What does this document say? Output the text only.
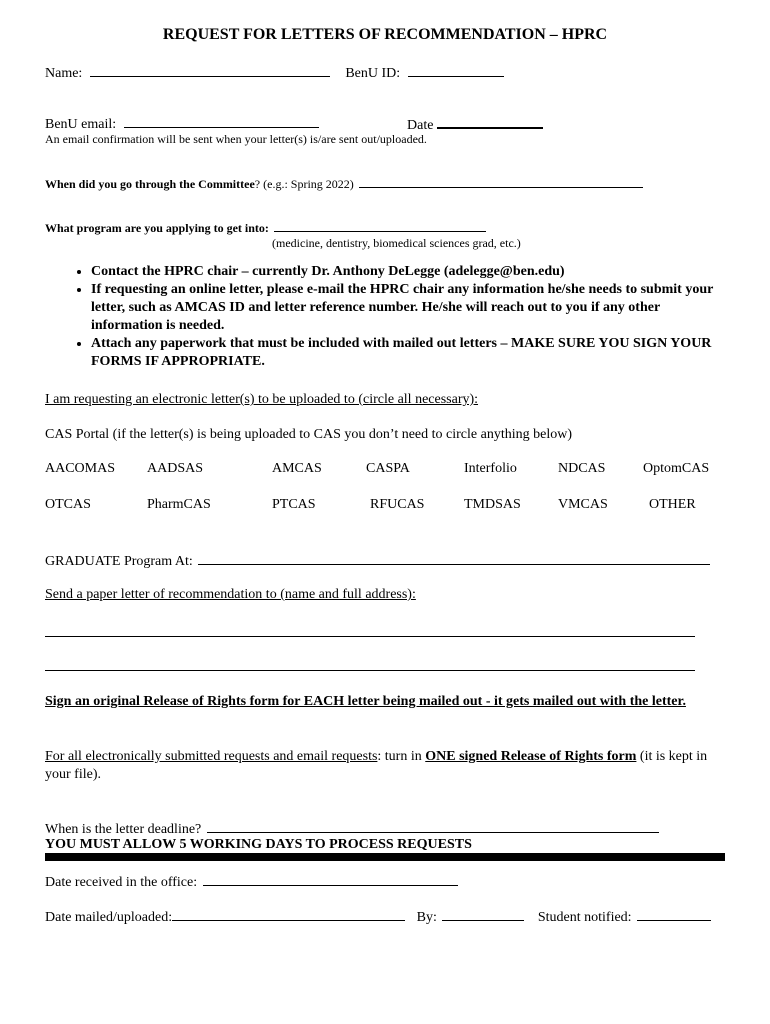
REQUEST FOR LETTERS OF RECOMMENDATION – HPRC
Name:	BenU ID:
BenU email:	Date
An email confirmation will be sent when your letter(s) is/are sent out/uploaded.
When did you go through the Committee? (e.g.: Spring 2022)
What program are you applying to get into:
(medicine, dentistry, biomedical sciences grad, etc.)
• Contact the HPRC chair – currently Dr. Anthony DeLegge (adelegge@ben.edu)
• If requesting an online letter, please e-mail the HPRC chair any information he/she needs to submit your letter, such as AMCAS ID and letter reference number. He/she will reach out to you if any other information is needed.
• Attach any paperwork that must be included with mailed out letters – MAKE SURE YOU SIGN YOUR FORMS IF APPROPRIATE.
I am requesting an electronic letter(s) to be uploaded to (circle all necessary):
CAS Portal (if the letter(s) is being uploaded to CAS you don’t need to circle anything below)
AACOMAS AADSAS	AMCAS	CASPA	Interfolio	NDCAS	OptomCAS
OTCAS	PharmCAS	PTCAS	RFUCAS	TMDSAS	VMCAS	OTHER
GRADUATE Program At:
Send a paper letter of recommendation to (name and full address):
Sign an original Release of Rights form for EACH letter being mailed out - it gets mailed out with the letter.
For all electronically submitted requests and email requests: turn in ONE signed Release of Rights form (it is kept in your file).
When is the letter deadline?
YOU MUST ALLOW 5 WORKING DAYS TO PROCESS REQUESTS
Date received in the office:
Date mailed/uploaded:	By:	Student notified:
